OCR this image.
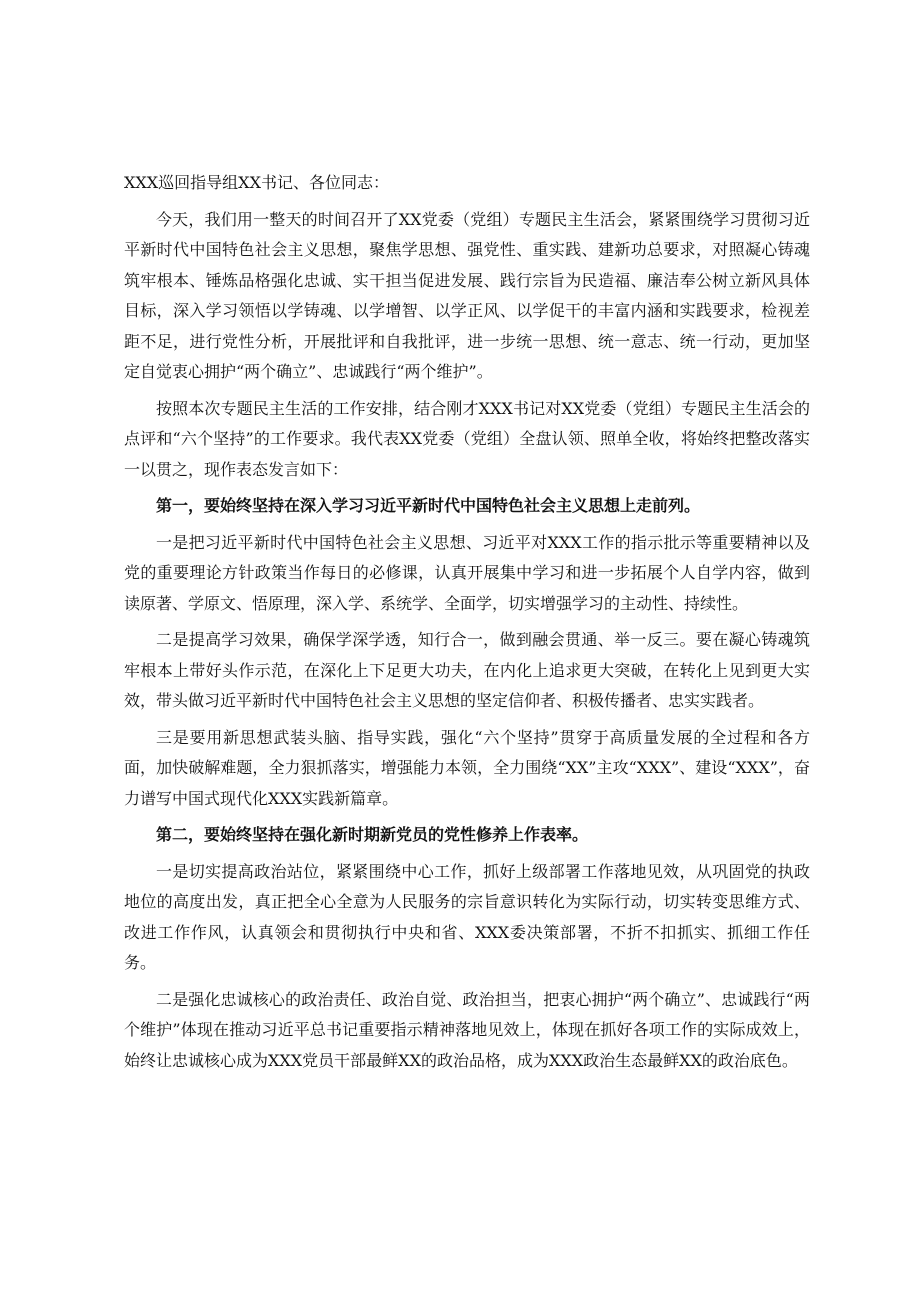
XXX巡回指导组XX书记、各位同志：

今天，我们用一整天的时间召开了XX党委（党组）专题民主生活会，紧紧围绕学习贯彻习近平新时代中国特色社会主义思想，聚焦学思想、强党性、重实践、建新功总要求，对照凝心铸魂筑牢根本、锤炼品格强化忠诚、实干担当促进发展、践行宗旨为民造福、廉洁奉公树立新风具体目标，深入学习领悟以学铸魂、以学增智、以学正风、以学促干的丰富内涵和实践要求，检视差距不足，进行党性分析，开展批评和自我批评，进一步统一思想、统一意志、统一行动，更加坚定自觉衷心拥护“两个确立”、忠诚践行“两个维护”。

按照本次专题民主生活的工作安排，结合刚才XXX书记对XX党委（党组）专题民主生活会的点评和“六个坚持”的工作要求。我代表XX党委（党组）全盘认领、照单全收，将始终把整改落实一以贯之，现作表态发言如下：

第一，要始终坚持在深入学习习近平新时代中国特色社会主义思想上走前列。

一是把习近平新时代中国特色社会主义思想、习近平对XXX工作的指示批示等重要精神以及党的重要理论方针政策当作每日的必修课，认真开展集中学习和进一步拓展个人自学内容，做到读原著、学原文、悟原理，深入学、系统学、全面学，切实增强学习的主动性、持续性。

二是提高学习效果，确保学深学透，知行合一，做到融会贯通、举一反三。要在凝心铸魂筑牢根本上带好头作示范，在深化上下足更大功夫，在内化上追求更大突破，在转化上见到更大实效，带头做习近平新时代中国特色社会主义思想的坚定信仰者、积极传播者、忠实实践者。

三是要用新思想武装头脑、指导实践，强化“六个坚持”贯穿于高质量发展的全过程和各方面，加快破解难题，全力狠抓落实，增强能力本领，全力围绕“XX”主攻“XXX”、建设“XXX”，奋力谱写中国式现代化XXX实践新篇章。

第二，要始终坚持在强化新时期新党员的党性修养上作表率。

一是切实提高政治站位，紧紧围绕中心工作，抓好上级部署工作落地见效，从巩固党的执政地位的高度出发，真正把全心全意为人民服务的宗旨意识转化为实际行动，切实转变思维方式、改进工作作风，认真领会和贯彻执行中央和省、XXX委决策部署，不折不扣抓实、抓细工作任务。

二是强化忠诚核心的政治责任、政治自觉、政治担当，把衷心拥护“两个确立”、忠诚践行“两个维护”体现在推动习近平总书记重要指示精神落地见效上，体现在抓好各项工作的实际成效上，始终让忠诚核心成为XXX党员干部最鲜XX的政治品格，成为XXX政治生态最鲜XX的政治底色。
